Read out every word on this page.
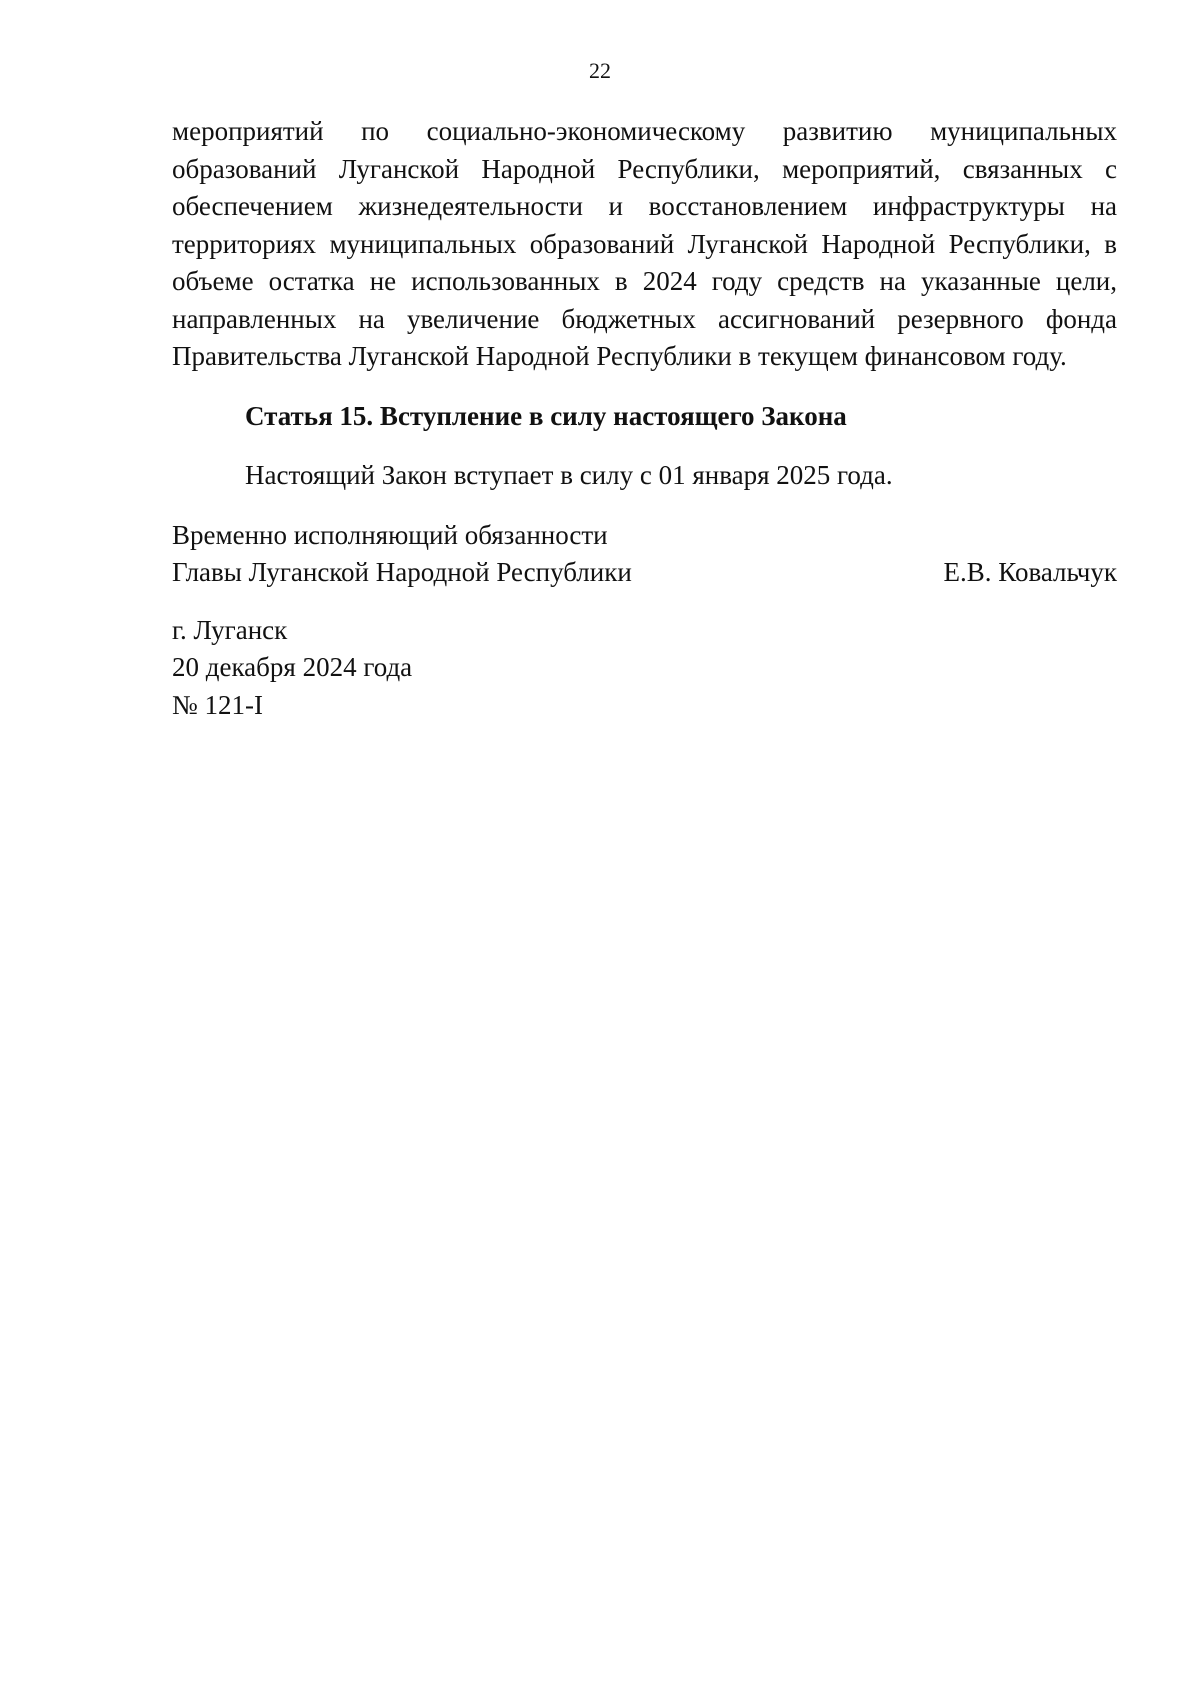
22

мероприятий по социально-экономическому развитию муниципальных образований Луганской Народной Республики, мероприятий, связанных с обеспечением жизнедеятельности и восстановлением инфраструктуры на территориях муниципальных образований Луганской Народной Республики, в объеме остатка не использованных в 2024 году средств на указанные цели, направленных на увеличение бюджетных ассигнований резервного фонда Правительства Луганской Народной Республики в текущем финансовом году.

Статья 15. Вступление в силу настоящего Закона
Настоящий Закон вступает в силу с 01 января 2025 года.
Временно исполняющий обязанности
Главы Луганской Народной Республики	Е.В. Ковальчук
г. Луганск
20 декабря 2024 года
№ 121-I
